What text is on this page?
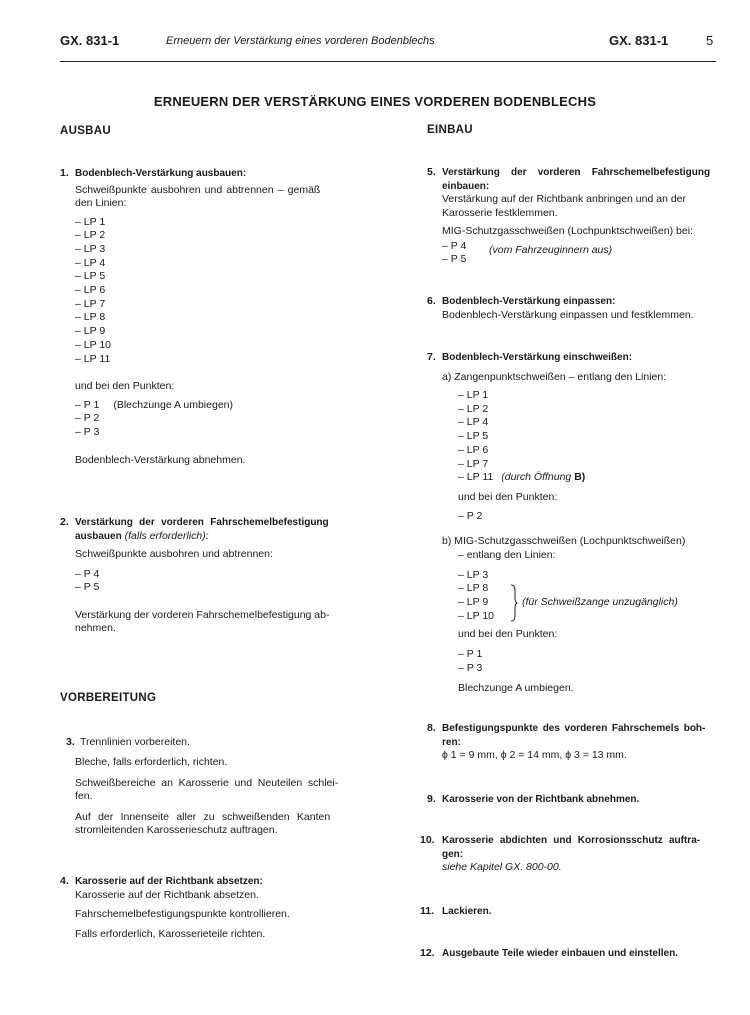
GX. 831-1	Erneuern der Verstärkung eines vorderen Bodenblechs	GX. 831-1	5
ERNEUERN DER VERSTÄRKUNG EINES VORDEREN BODENBLECHS
AUSBAU
1. Bodenblech-Verstärkung ausbauen:

Schweißpunkte ausbohren und abtrennen – gemäß

den Linien:

– LP 1
– LP 2
– LP 3
– LP 4
– LP 5
– LP 6
– LP 7
– LP 8
– LP 9
– LP 10
– LP 11

und bei den Punkten:

– P 1 (Blechzunge A umbiegen)
– P 2
– P 3

Bodenblech-Verstärkung abnehmen.

2. Verstärkung der vorderen Fahrschemelbefestigung

ausbauen (falls erforderlich):

Schweißpunkte ausbohren und abtrennen:

– P 4
– P 5

Verstärkung der vorderen Fahrschemelbefestigung ab-

nehmen.

VORBEREITUNG
3. Trennlinien vorbereiten.

Bleche, falls erforderlich, richten.

Schweißbereiche an Karosserie und Neuteilen schlei-

fen.

Auf der Innenseite aller zu schweißenden Kanten

stromleitenden Karosserieschutz auftragen.

4. Karosserie auf der Richtbank absetzen:

Karosserie auf der Richtbank absetzen.

Fahrschemelbefestigungspunkte kontrollieren.

Falls erforderlich, Karosserieteile richten.

EINBAU
5. Verstärkung der vorderen Fahrschemelbefestigung

einbauen:

Verstärkung auf der Richtbank anbringen und an der

Karosserie festklemmen.

MIG-Schutzgasschweißen (Lochpunktschweißen) bei:

– P 4
– P 5
(vom Fahrzeuginnern aus)
6. Bodenblech-Verstärkung einpassen:

Bodenblech-Verstärkung einpassen und festklemmen.

7. Bodenblech-Verstärkung einschweißen:

a) Zangenpunktschweißen – entlang den Linien:

– LP 1
– LP 2
– LP 4
– LP 5
– LP 6
– LP 7
– LP 11 (durch Öffnung B)

und bei den Punkten:

– P 2

b) MIG-Schutzgasschweißen (Lochpunktschweißen)

– entlang den Linien:

– LP 3
– LP 8
– LP 9
– LP 10

und bei den Punkten:

– P 1
– P 3

Blechzunge A umbiegen.

(für Schweißzange unzugänglich)
8. Befestigungspunkte des vorderen Fahrschemels boh-

ren:

ϕ 1 = 9 mm, ϕ 2 = 14 mm, ϕ 3 = 13 mm.

9. Karosserie von der Richtbank abnehmen.

10. Karosserie abdichten und Korrosionsschutz auftra-

gen:

siehe Kapitel GX. 800-00.

11. Lackieren.

12. Ausgebaute Teile wieder einbauen und einstellen.
